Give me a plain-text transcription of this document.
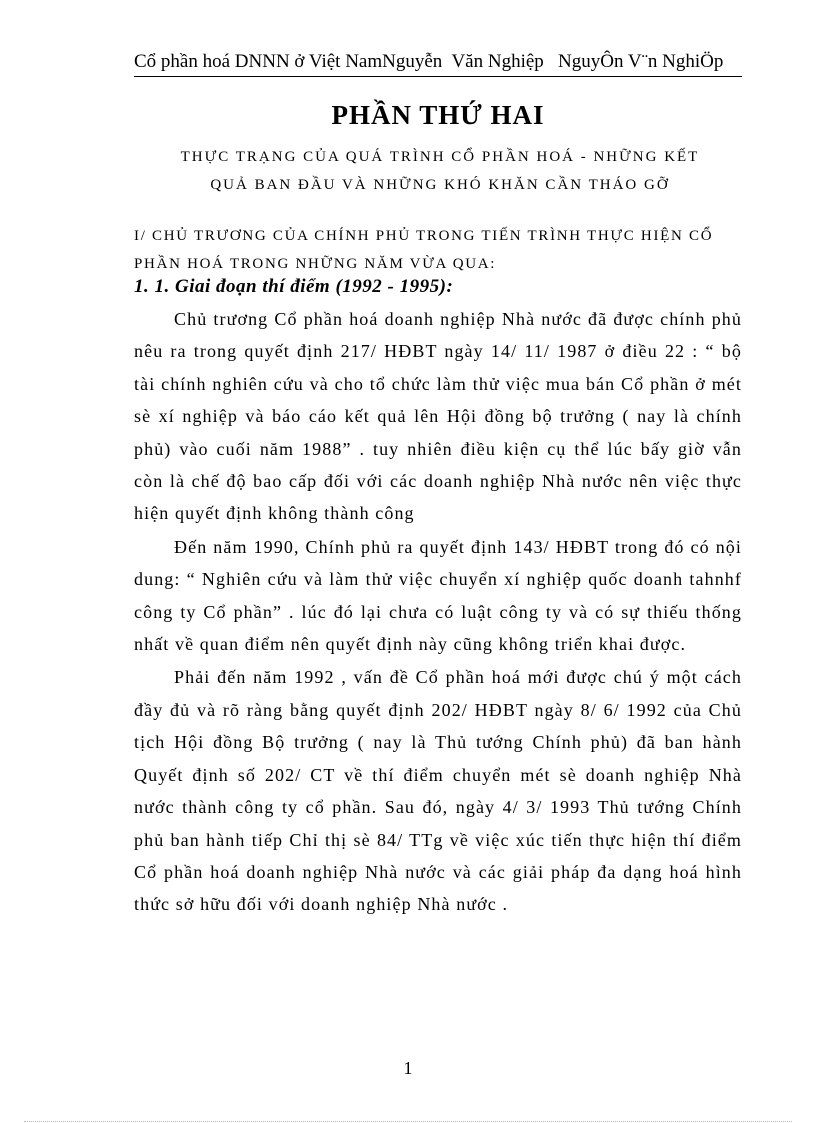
Cổ phần hoá DNNN ở Việt NamNguyễn  Văn Nghiệp NguyÔn V¨n NghiÖp
PHẦN THỨ HAI
THỰC TRẠNG CỦA QUÁ TRÌNH CỔ PHẦN HOÁ - NHỮNG KẾT
QUẢ BAN ĐẦU VÀ NHỮNG KHÓ KHĂN CẦN THÁO GỠ
I/ CHỦ TRƯƠNG CỦA CHÍNH PHỦ TRONG TIẾN TRÌNH THỰC HIỆN CỔ PHẦN HOÁ TRONG NHỮNG NĂM VỪA QUA:
1. 1. Giai đoạn thí điểm (1992 - 1995):

Chủ trương Cổ phần hoá doanh nghiệp Nhà nước đã được chính phủ nêu ra trong quyết định 217/ HĐBT ngày 14/ 11/ 1987 ở điều 22 : “ bộ tài chính nghiên cứu và cho tổ chức làm thử việc mua bán Cổ phần ở mét sè xí nghiệp và báo cáo kết quả lên Hội đồng bộ trưởng ( nay là chính phủ) vào cuối năm 1988” . tuy nhiên điều kiện cụ thể lúc bấy giờ vẫn còn là chế độ bao cấp đối với các doanh nghiệp Nhà nước nên việc thực hiện quyết định không thành công

Đến năm 1990, Chính phủ ra quyết định 143/ HĐBT trong đó có nội dung: “ Nghiên cứu và làm thử việc chuyển xí nghiệp quốc doanh tahnhf công ty Cổ phần” . lúc đó lại chưa có luật công ty và có sự thiếu thống nhất về quan điểm nên quyết định này cũng không triển khai được.

Phải đến năm 1992 , vấn đề Cổ phần hoá mới được chú ý một cách đầy đủ và rõ ràng bằng quyết định 202/ HĐBT ngày 8/ 6/ 1992 của Chủ tịch Hội đồng Bộ trưởng ( nay là Thủ tướng Chính phủ) đã ban hành Quyết định số 202/ CT về thí điểm chuyển mét sè doanh nghiệp Nhà nước thành công ty cổ phần. Sau đó, ngày 4/ 3/ 1993 Thủ tướng Chính phủ ban hành tiếp Chỉ thị sè 84/ TTg về việc xúc tiến thực hiện thí điểm Cổ phần hoá doanh nghiệp Nhà nước và các giải pháp đa dạng hoá hình thức sở hữu đối với doanh nghiệp Nhà nước .

1
